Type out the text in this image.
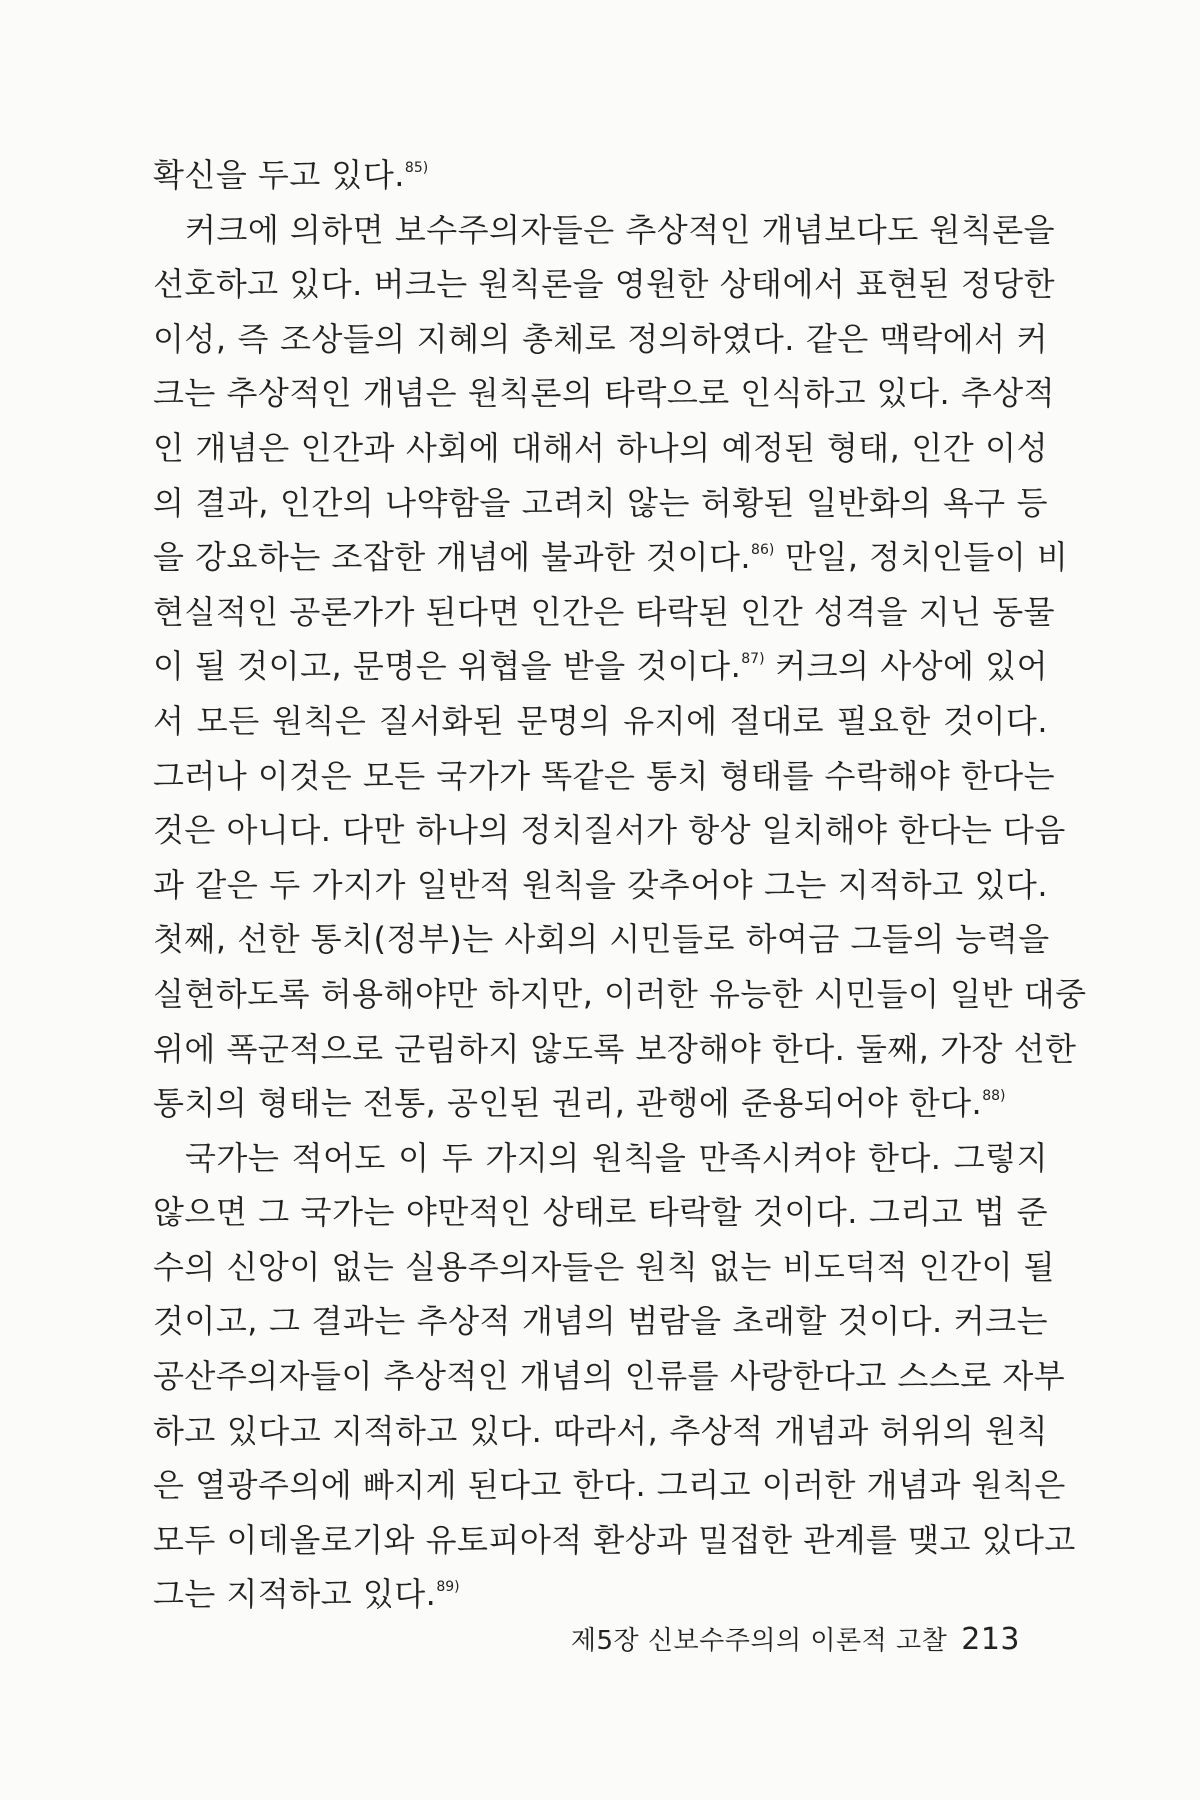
확신을 두고 있다.$^{85)}$
커크에 의하면 보수주의자들은 추상적인 개념보다도 원칙론을
선호하고 있다. 버크는 원칙론을 영원한 상태에서 표현된 정당한
이성, 즉 조상들의 지혜의 총체로 정의하였다. 같은 맥락에서 커
크는 추상적인 개념은 원칙론의 타락으로 인식하고 있다. 추상적
인 개념은 인간과 사회에 대해서 하나의 예정된 형태, 인간 이성
의 결과, 인간의 나약함을 고려치 않는 허황된 일반화의 욕구 등
을 강요하는 조잡한 개념에 불과한 것이다.$^{86)}$ 만일, 정치인들이 비
현실적인 공론가가 된다면 인간은 타락된 인간 성격을 지닌 동물
이 될 것이고, 문명은 위협을 받을 것이다.$^{87)}$ 커크의 사상에 있어
서 모든 원칙은 질서화된 문명의 유지에 절대로 필요한 것이다.
그러나 이것은 모든 국가가 똑같은 통치 형태를 수락해야 한다는
것은 아니다. 다만 하나의 정치질서가 항상 일치해야 한다는 다음
과 같은 두 가지가 일반적 원칙을 갖추어야 그는 지적하고 있다.
첫째, 선한 통치(정부)는 사회의 시민들로 하여금 그들의 능력을
실현하도록 허용해야만 하지만, 이러한 유능한 시민들이 일반 대중
위에 폭군적으로 군림하지 않도록 보장해야 한다. 둘째, 가장 선한
통치의 형태는 전통, 공인된 권리, 관행에 준용되어야 한다.$^{88)}$
국가는 적어도 이 두 가지의 원칙을 만족시켜야 한다. 그렇지
않으면 그 국가는 야만적인 상태로 타락할 것이다. 그리고 법 준
수의 신앙이 없는 실용주의자들은 원칙 없는 비도덕적 인간이 될
것이고, 그 결과는 추상적 개념의 범람을 초래할 것이다. 커크는
공산주의자들이 추상적인 개념의 인류를 사랑한다고 스스로 자부
하고 있다고 지적하고 있다. 따라서, 추상적 개념과 허위의 원칙
은 열광주의에 빠지게 된다고 한다. 그리고 이러한 개념과 원칙은
모두 이데올로기와 유토피아적 환상과 밀접한 관계를 맺고 있다고
그는 지적하고 있다.$^{89)}$
제5장 신보수주의의 이론적 고찰 213
